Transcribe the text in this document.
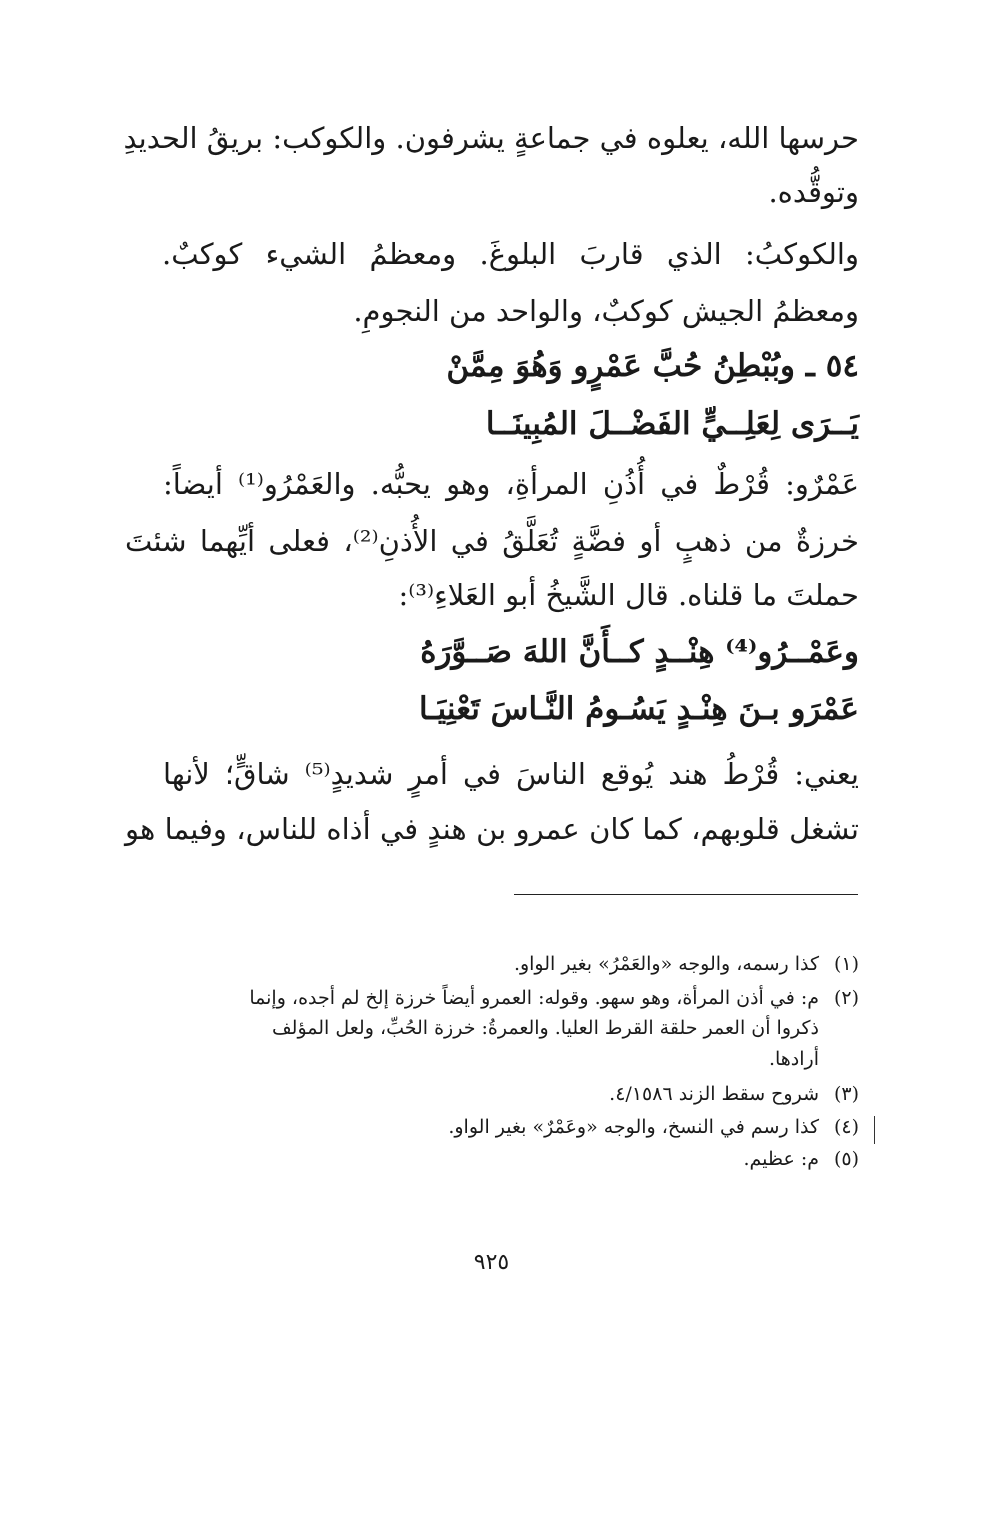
حرسها الله، يعلوه في جماعةٍ يشرفون. والكوكب: بريقُ الحديدِ
وتوقُّده.
والكوكبُ: الذي قاربَ البلوغَ. ومعظمُ الشيء كوكبٌ.
ومعظمُ الجيش كوكبٌ، والواحد من النجومِ.
٥٤ ـ وبُبْطِنُ حُبَّ عَمْرٍو وَهُوَ مِمَّنْ
يَــرَى لِعَلِــيٍّ الفَضْــلَ المُبِينَــا
عَمْرٌو: قُرْطٌ في أُذُنِ المرأةِ، وهو يحبُّه. والعَمْرُو⁽¹⁾ أيضاً:
خرزةٌ من ذهبٍ أو فضَّةٍ تُعَلَّقُ في الأُذنِ⁽²⁾، فعلى أيِّهما شئتَ
حملتَ ما قلناه. قال الشَّيخُ أبو العَلاءِ⁽³⁾:
وعَمْــرُو⁽⁴⁾ هِنْــدٍ كــأَنَّ اللهَ صَــوَّرَهُ
عَمْرَو بـنَ هِنْـدٍ يَسُـومُ النَّـاسَ تَعْنِيَـا
يعني: قُرْطُ هند يُوقع الناسَ في أمرٍ شديدٍ⁽⁵⁾ شاقٍّ؛ لأنها
تشغل قلوبهم، كما كان عمرو بن هندٍ في أذاه للناس، وفيما هو
(١)كذا رسمه، والوجه «والعَمْرُ» بغير الواو.
(٢)م: في أذن المرأة، وهو سهو. وقوله: العمرو أيضاً خرزة إلخ لم أجده، وإنما
ذكروا أن العمر حلقة القرط العليا. والعمرةُ: خرزة الحُبِّ، ولعل المؤلف
أرادها.
(٣)شروح سقط الزند ٤/١٥٨٦.
(٤)كذا رسم في النسخ، والوجه «وعَمْرٌ» بغير الواو.
(٥)م: عظيم.
٩٢٥
